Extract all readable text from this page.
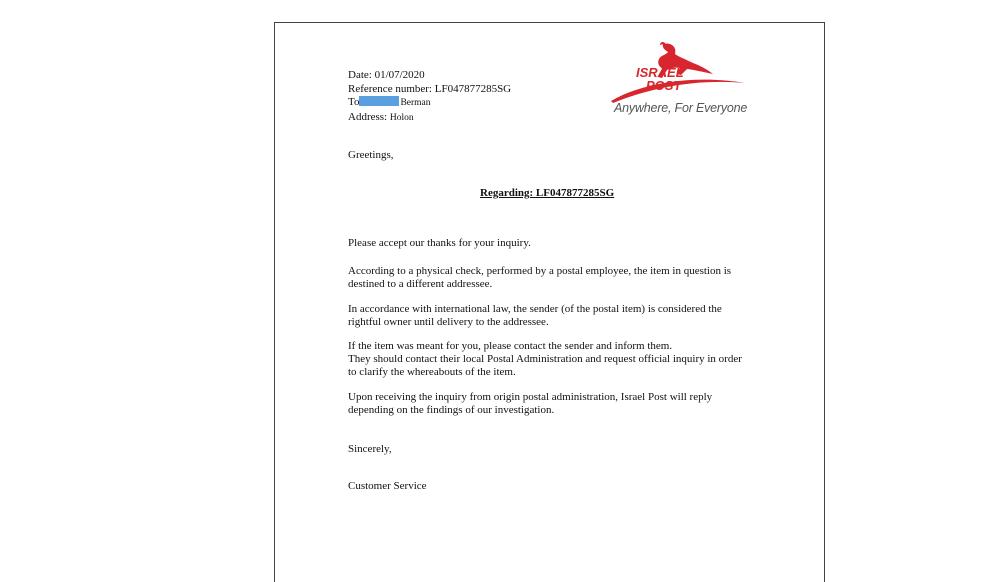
Date: 01/07/2020
Reference number: LF047877285SG
To	Berman
Address: Holon
ISRAEL
POST
Anywhere, For Everyone
Greetings,
Regarding: LF047877285SG
Please accept our thanks for your inquiry.
According to a physical check, performed by a postal employee, the item in question is
destined to a different addressee.
In accordance with international law, the sender (of the postal item) is considered the
rightful owner until delivery to the addressee.
If the item was meant for you, please contact the sender and inform them.
They should contact their local Postal Administration and request official inquiry in order
to clarify the whereabouts of the item.
Upon receiving the inquiry from origin postal administration, Israel Post will reply
depending on the findings of our investigation.
Sincerely,
Customer Service
